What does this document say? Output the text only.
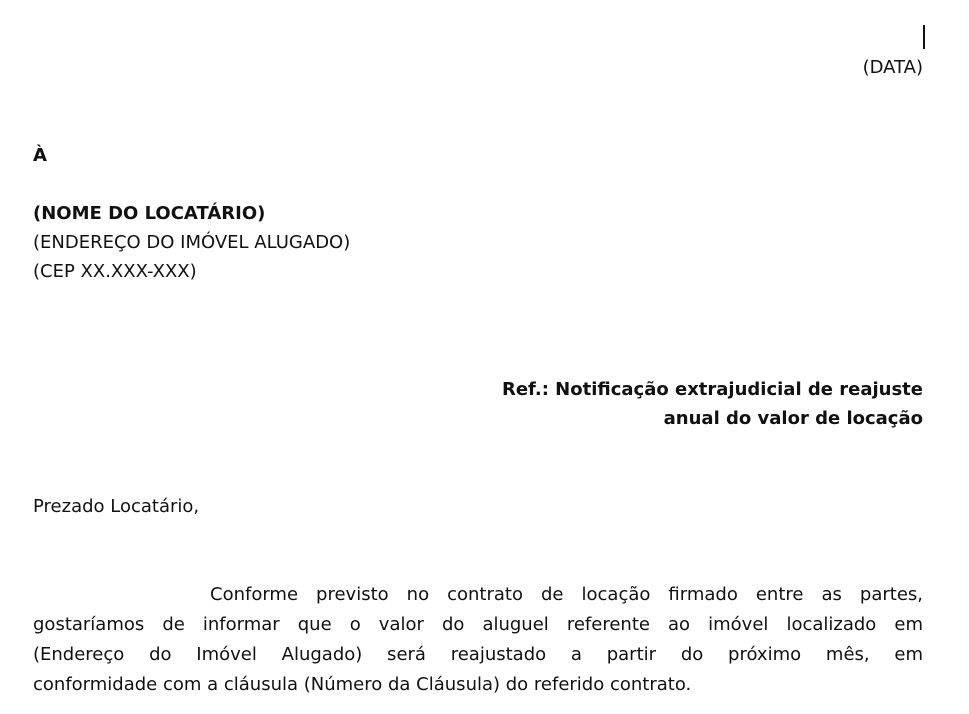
(DATA)
À
(NOME DO LOCATÁRIO)
(ENDEREÇO DO IMÓVEL ALUGADO)
(CEP XX.XXX-XXX)
Ref.: Notificação extrajudicial de reajuste
anual do valor de locação
Prezado Locatário,
Conforme previsto no contrato de locação firmado entre as partes,
gostaríamos de informar que o valor do aluguel referente ao imóvel localizado em
(Endereço do Imóvel Alugado) será reajustado a partir do próximo mês, em
conformidade com a cláusula (Número da Cláusula) do referido contrato.
